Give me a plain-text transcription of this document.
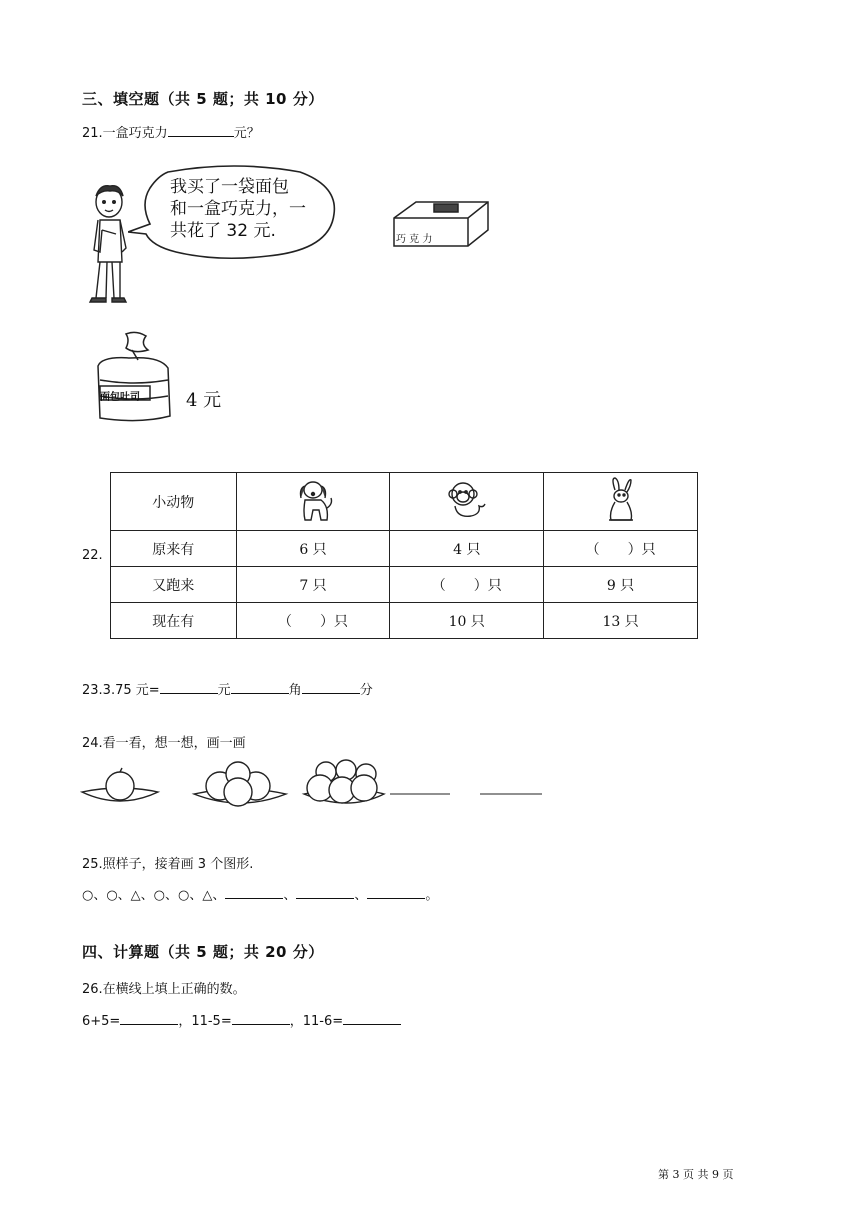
三、填空题（共 5 题；共 10 分）
21.一盒巧克力	元？
我买了一袋面包
和一盒巧克力，一
共花了 32 元.	巧 克 力
面包吐司	4 元
22.
小动物			
原来有	6 只	4 只	（　　）只
又跑来	7 只	（　　）只	9 只
现在有	（　　）只	10 只	13 只
23.3.75 元=	元	角	分
24.看一看，想一想，画一画
25.照样子，接着画 3 个图形.
○、○、△、○、○、△、	、	、	。
四、计算题（共 5 题；共 20 分）
26.在横线上填上正确的数。
6+5=	，11-5=	，11-6=
第 3 页 共 9 页
